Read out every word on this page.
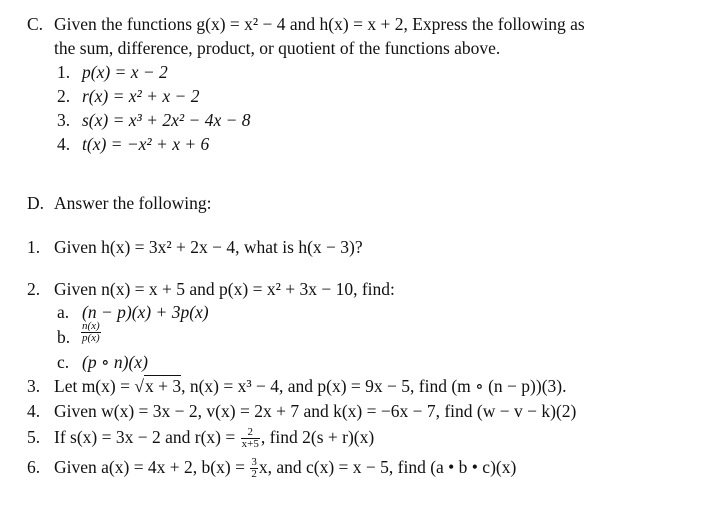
C. Given the functions g(x) = x² − 4 and h(x) = x + 2, Express the following as
the sum, difference, product, or quotient of the functions above.
1. p(x) = x − 2
2. r(x) = x² + x − 2
3. s(x) = x³ + 2x² − 4x − 8
4. t(x) = −x² + x + 6
D. Answer the following:
1. Given h(x) = 3x² + 2x − 4, what is h(x − 3)?
2. Given n(x) = x + 5 and p(x) = x² + 3x − 10, find:
a. (n − p)(x) + 3p(x)
b. $\frac{n(x)}{p(x)}$
c. (p ∘ n)(x)
3. Let m(x) = √x + 3, n(x) = x³ − 4, and p(x) = 9x − 5, find (m ∘ (n − p))(3).
4. Given w(x) = 3x − 2, v(x) = 2x + 7 and k(x) = −6x − 7, find (w − v − k)(2)
5. If s(x) = 3x − 2 and $r(x) = \frac{2}{x+5}$ , find 2(s + r)(x)
6. Given a(x) = 4x + 2, $b(x) = \frac{3}{2} x$, and c(x) = x − 5, find (a • b • c)(x)
